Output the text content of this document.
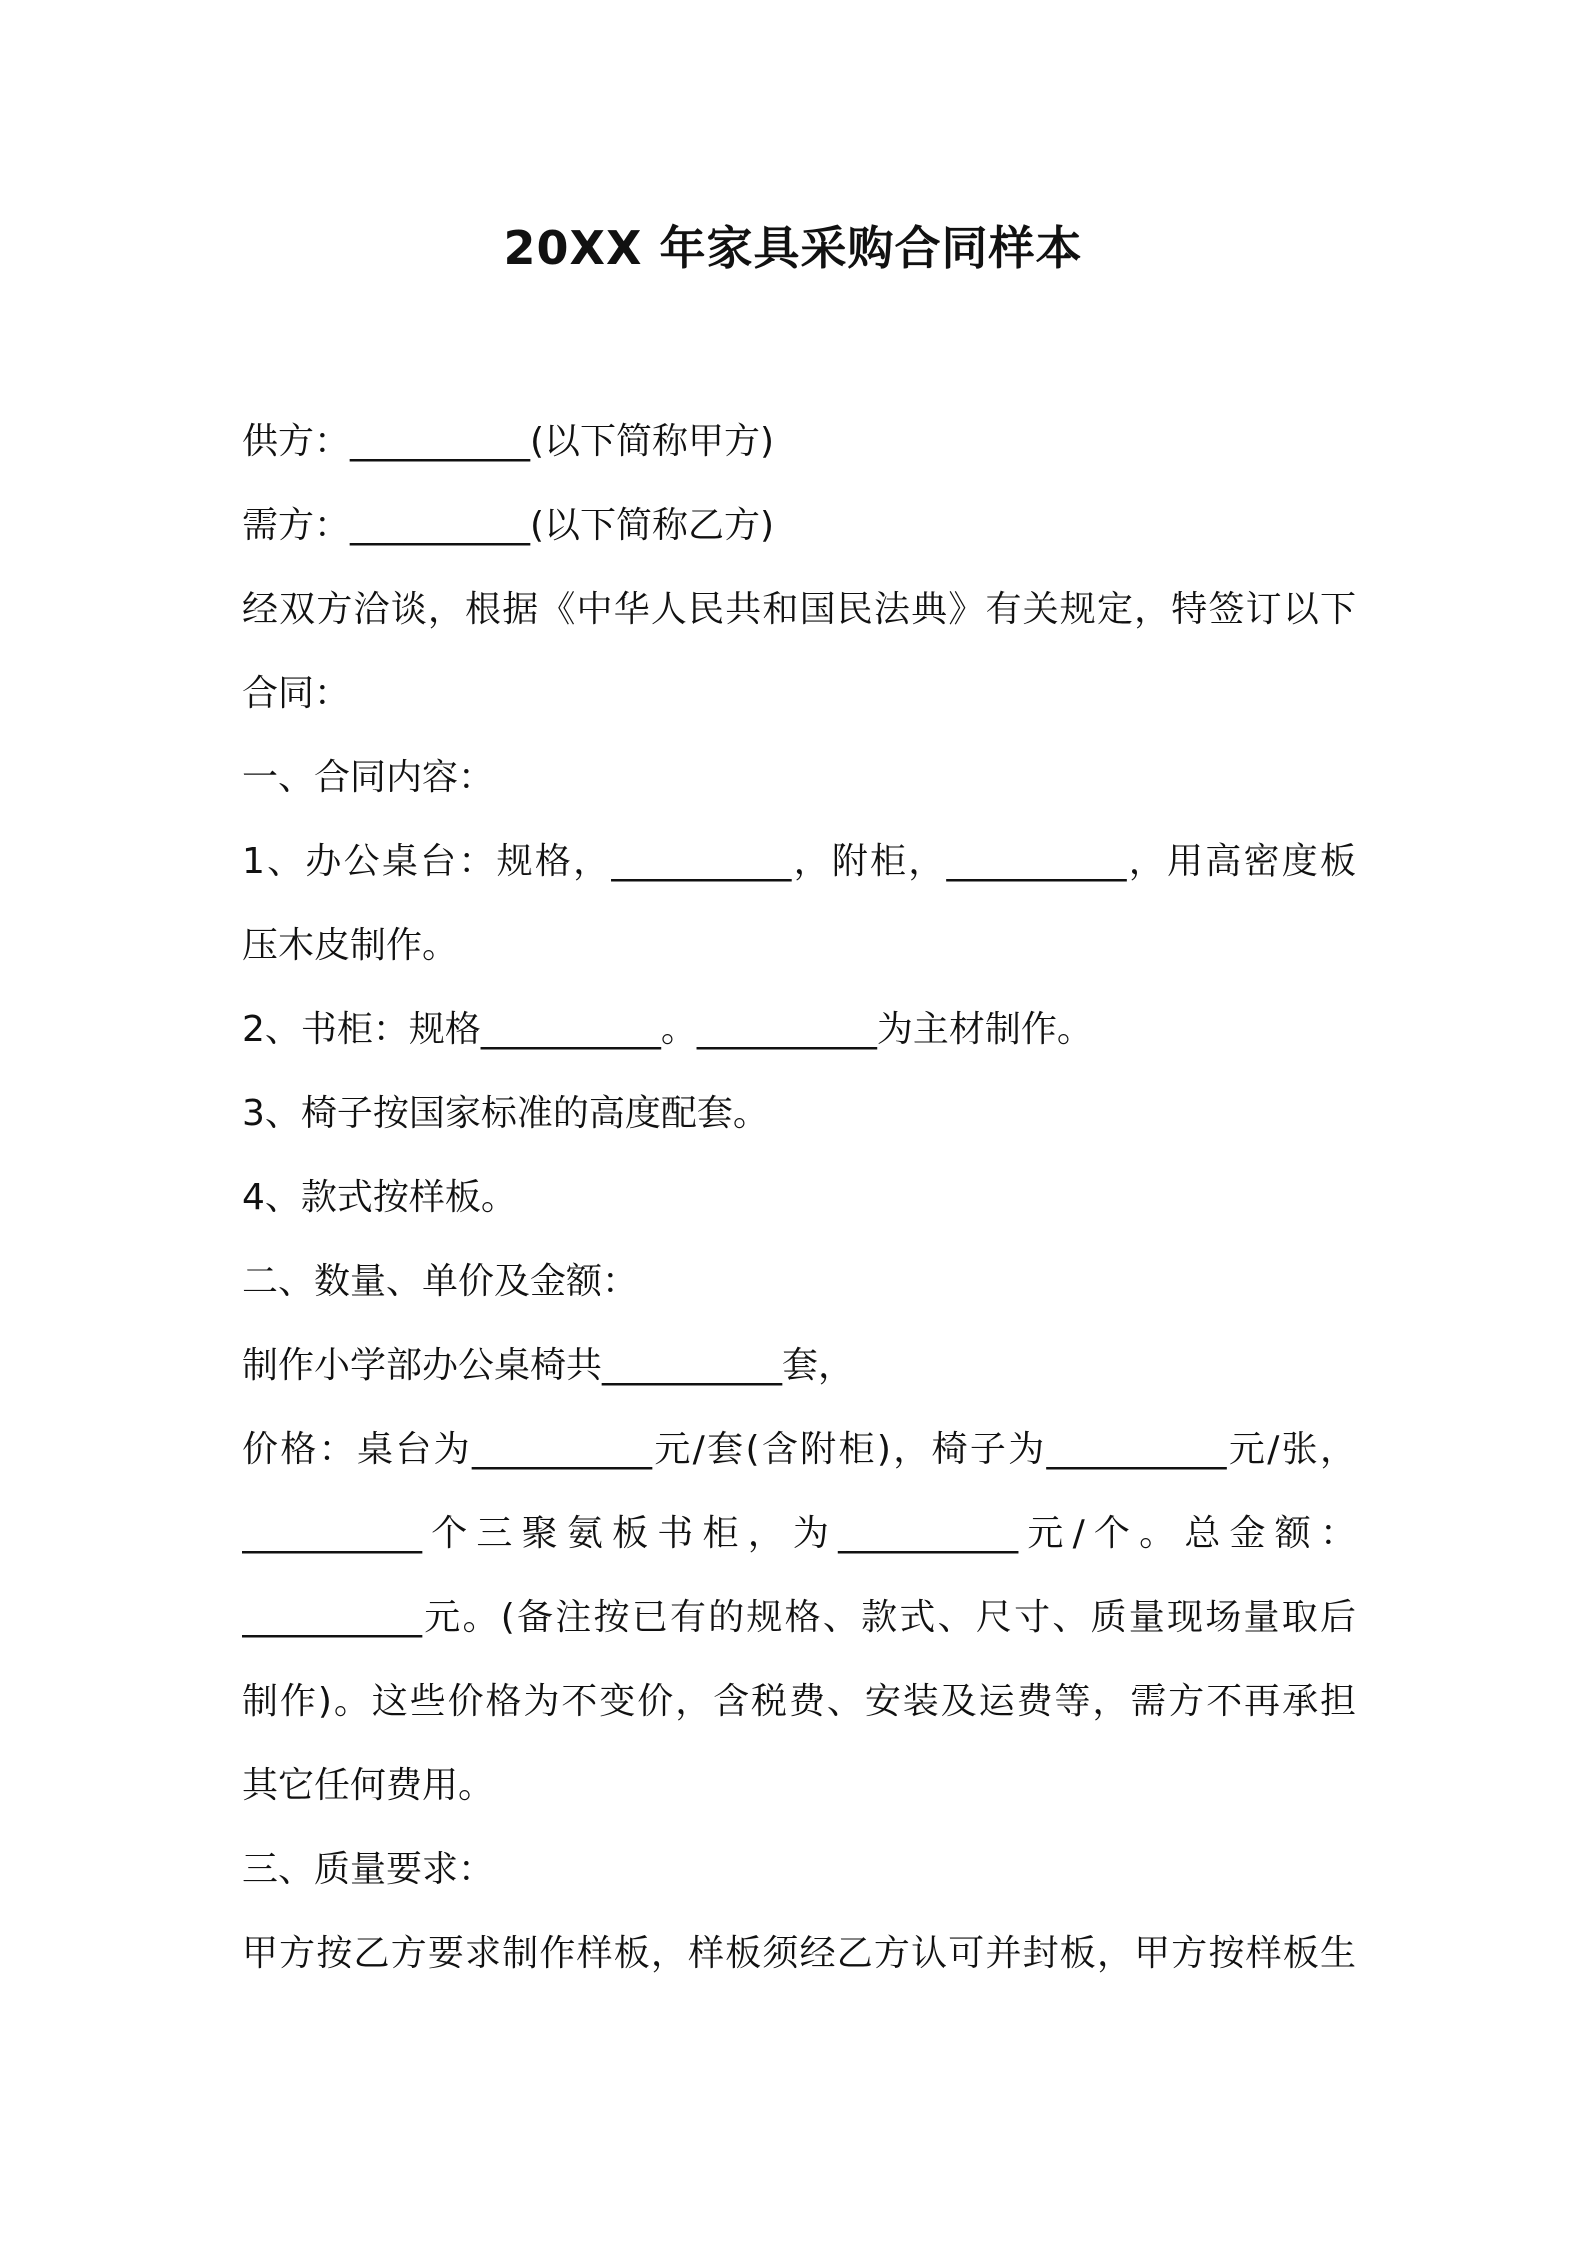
20XX 年家具采购合同样本
供方：__________(以下简称甲方)
需方：__________(以下简称乙方)
经双方洽谈，根据《中华人民共和国民法典》有关规定，特签订以下
合同：
一、合同内容：
1、办公桌台：规格，__________，附柜，__________，用高密度板
压木皮制作。
2、书柜：规格__________。__________为主材制作。
3、椅子按国家标准的高度配套。
4、款式按样板。
二、数量、单价及金额：
制作小学部办公桌椅共__________套，
价格：桌台为__________元/套(含附柜)，椅子为__________元/张，
__________个三聚氨板书柜，为__________元/个。总金额：
__________元。(备注按已有的规格、款式、尺寸、质量现场量取后
制作)。这些价格为不变价，含税费、安装及运费等，需方不再承担
其它任何费用。
三、质量要求：
甲方按乙方要求制作样板，样板须经乙方认可并封板，甲方按样板生
